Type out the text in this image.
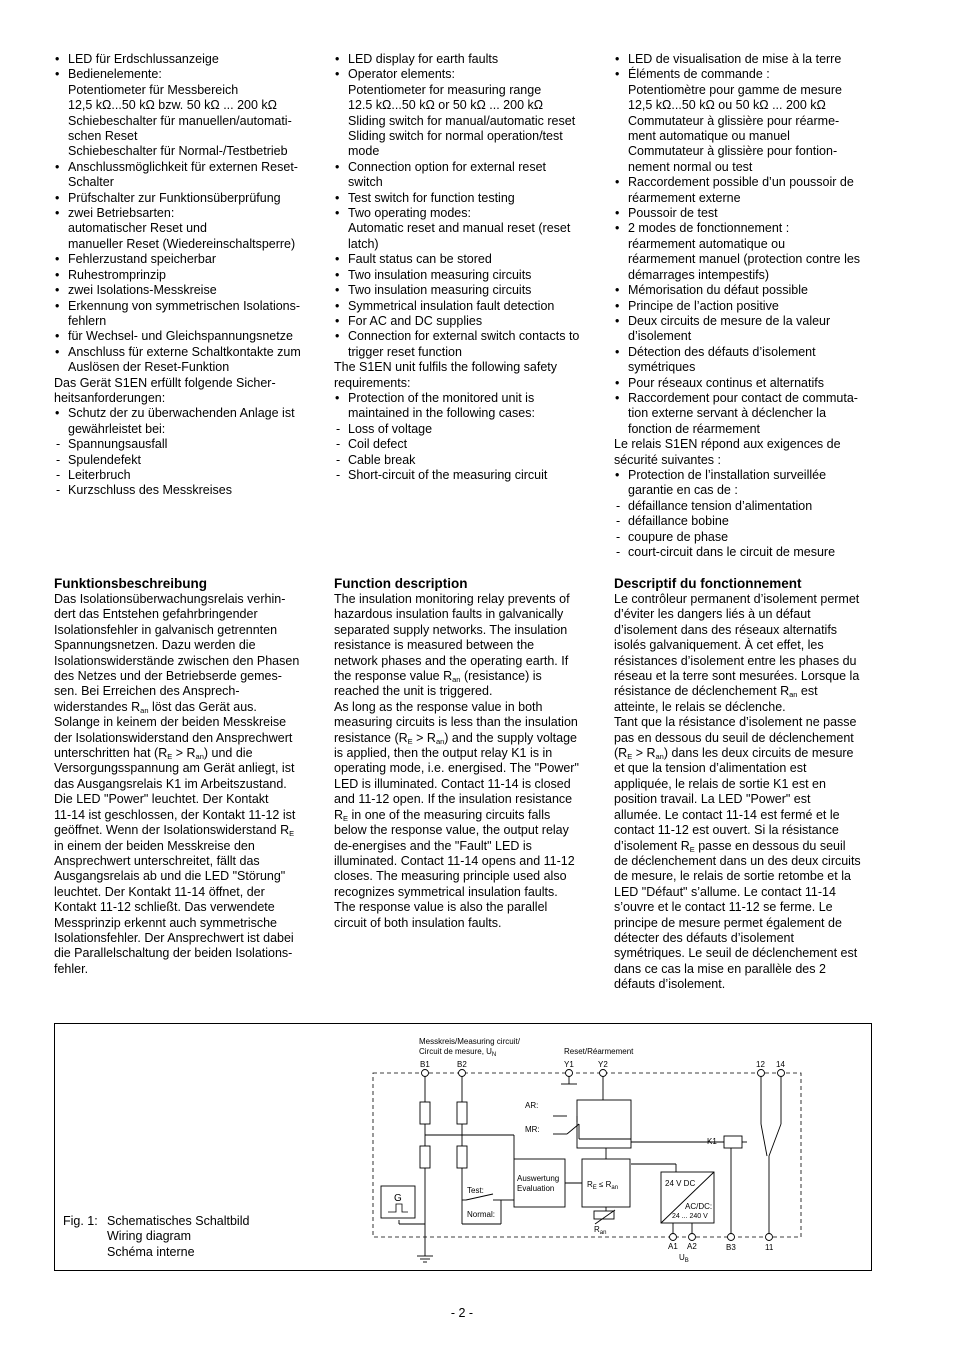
• LED für Erdschlussanzeige
• Bedienelemente:
Potentiometer für Messbereich
12,5 kΩ...50 kΩ bzw. 50 kΩ ... 200 kΩ
Schiebeschalter für manuellen/automati-
schen Reset
Schiebeschalter für Normal-/Testbetrieb
• Anschlussmöglichkeit für externen Reset-
Schalter
• Prüfschalter zur Funktionsüberprüfung
• zwei Betriebsarten:
automatischer Reset und
manueller Reset (Wiedereinschaltsperre)
• Fehlerzustand speicherbar
• Ruhestromprinzip
• zwei Isolations-Messkreise
• Erkennung von symmetrischen Isolations-
fehlern
• für Wechsel- und Gleichspannungsnetze
• Anschluss für externe Schaltkontakte zum
Auslösen der Reset-Funktion
Das Gerät S1EN erfüllt folgende Sicher-
heitsanforderungen:
• Schutz der zu überwachenden Anlage ist
gewährleistet bei:
- Spannungsausfall
- Spulendefekt
- Leiterbruch
- Kurzschluss des Messkreises
• LED display for earth faults
• Operator elements:
Potentiometer for measuring range
12.5 kΩ...50 kΩ or 50 kΩ ... 200 kΩ
Sliding switch for manual/automatic reset
Sliding switch for normal operation/test
mode
• Connection option for external reset
switch
• Test switch for function testing
• Two operating modes:
Automatic reset and manual reset (reset
latch)
• Fault status can be stored
• Two insulation measuring circuits
• Two insulation measuring circuits
• Symmetrical insulation fault detection
• For AC and DC supplies
• Connection for external switch contacts to
trigger reset function
The S1EN unit fulfils the following safety
requirements:
• Protection of the monitored unit is
maintained in the following cases:
- Loss of voltage
- Coil defect
- Cable break
- Short-circuit of the measuring circuit
• LED de visualisation de mise à la terre
• Éléments de commande :
Potentiomètre pour gamme de mesure
12,5 kΩ...50 kΩ ou 50 kΩ ... 200 kΩ
Commutateur à glissière pour réarme-
ment automatique ou manuel
Commutateur à glissière pour fontion-
nement normal ou test
• Raccordement possible d’un poussoir de
réarmement externe
• Poussoir de test
• 2 modes de fonctionnement :
réarmement automatique ou
réarmement manuel (protection contre les
démarrages intempestifs)
• Mémorisation du défaut possible
• Principe de l’action positive
• Deux circuits de mesure de la valeur
d’isolement
• Détection des défauts d’isolement
symétriques
• Pour réseaux continus et alternatifs
• Raccordement pour contact de commuta-
tion externe servant à déclencher la
fonction de réarmement
Le relais S1EN répond aux exigences de
sécurité suivantes :
• Protection de l’installation surveillée
garantie en cas de :
- défaillance tension d’alimentation
- défaillance bobine
- coupure de phase
- court-circuit dans le circuit de mesure
Funktionsbeschreibung
Das Isolationsüberwachungsrelais verhin-
dert das Entstehen gefahrbringender
Isolationsfehler in galvanisch getrennten
Spannungsnetzen. Dazu werden die
Isolationswiderstände zwischen den Phasen
des Netzes und der Betriebserde gemes-
sen. Bei Erreichen des Ansprech-
widerstandes $R_{an}$ löst das Gerät aus.
Solange in keinem der beiden Messkreise
der Isolationswiderstand den Ansprechwert
unterschritten hat $(R_E > R_{an})$ und die
Versorgungsspannung am Gerät anliegt, ist
das Ausgangsrelais K1 im Arbeitszustand.
Die LED "Power" leuchtet. Der Kontakt
11-14 ist geschlossen, der Kontakt 11-12 ist
geöffnet. Wenn der Isolationswiderstand $R_E$
in einem der beiden Messkreise den
Ansprechwert unterschreitet, fällt das
Ausgangsrelais ab und die LED "Störung"
leuchtet. Der Kontakt 11-14 öffnet, der
Kontakt 11-12 schließt. Das verwendete
Messprinzip erkennt auch symmetrische
Isolationsfehler. Der Ansprechwert ist dabei
die Parallelschaltung der beiden Isolations-
fehler.
Function description
The insulation monitoring relay prevents of
hazardous insulation faults in galvanically
separated supply networks. The insulation
resistance is measured between the
network phases and the operating earth. If
the response value $R_{an}$ (resistance) is
reached the unit is triggered.
As long as the response value in both
measuring circuits is less than the insulation
resistance $(R_E > R_{an})$ and the supply voltage
is applied, then the output relay K1 is in
operating mode, i.e. energised. The "Power"
LED is illuminated. Contact 11-14 is closed
and 11-12 open. If the insulation resistance
$R_E$ in one of the measuring circuits falls
below the response value, the output relay
de-energises and the "Fault" LED is
illuminated. Contact 11-14 opens and 11-12
closes. The measuring principle used also
recognizes symmetrical insulation faults.
The response value is also the parallel
circuit of both insulation faults.
Descriptif du fonctionnement
Le contrôleur permanent d’isolement permet
d’éviter les dangers liés à un défaut
d’isolement dans des réseaux alternatifs
isolés galvaniquement. À cet effet, les
résistances d’isolement entre les phases du
réseau et la terre sont mesurées. Lorsque la
résistance de déclenchement $R_{an}$ est
atteinte, le relais se déclenche.
Tant que la résistance d’isolement ne passe
pas en dessous du seuil de déclenchement
$(R_E > R_{an})$ dans les deux circuits de mesure
et que la tension d’alimentation est
appliquée, le relais de sortie K1 est en
position travail. La LED "Power" est
allumée. Le contact 11-14 est fermé et le
contact 11-12 est ouvert. Si la résistance
d’isolement $R_E$ passe en dessous du seuil
de déclenchement dans un des deux circuits
de mesure, le relais de sortie retombe et la
LED "Défaut" s’allume. Le contact 11-14
s’ouvre et le contact 11-12 se ferme. Le
principe de mesure permet également de
détecter des défauts d’isolement
symétriques. Le seuil de déclenchement est
dans ce cas la mise en parallèle des 2
défauts d’isolement.
Fig. 1: Schematisches Schaltbild
Wiring diagram
Schéma interne
Messkreis/Measuring circuit/
Circuit de mesure, $U_N$	Reset/Réarmement
B1	B2	Y1	Y2	12 14
G
AR:
MR:
K1
Test:
Normal:
Auswertung
Evaluation	$R_E \le R_{an}$
$R_{an}$
24 V DC
AC/DC:
24 ... 240 V
A1 A2	B3	11
$U_B$
- 2 -
